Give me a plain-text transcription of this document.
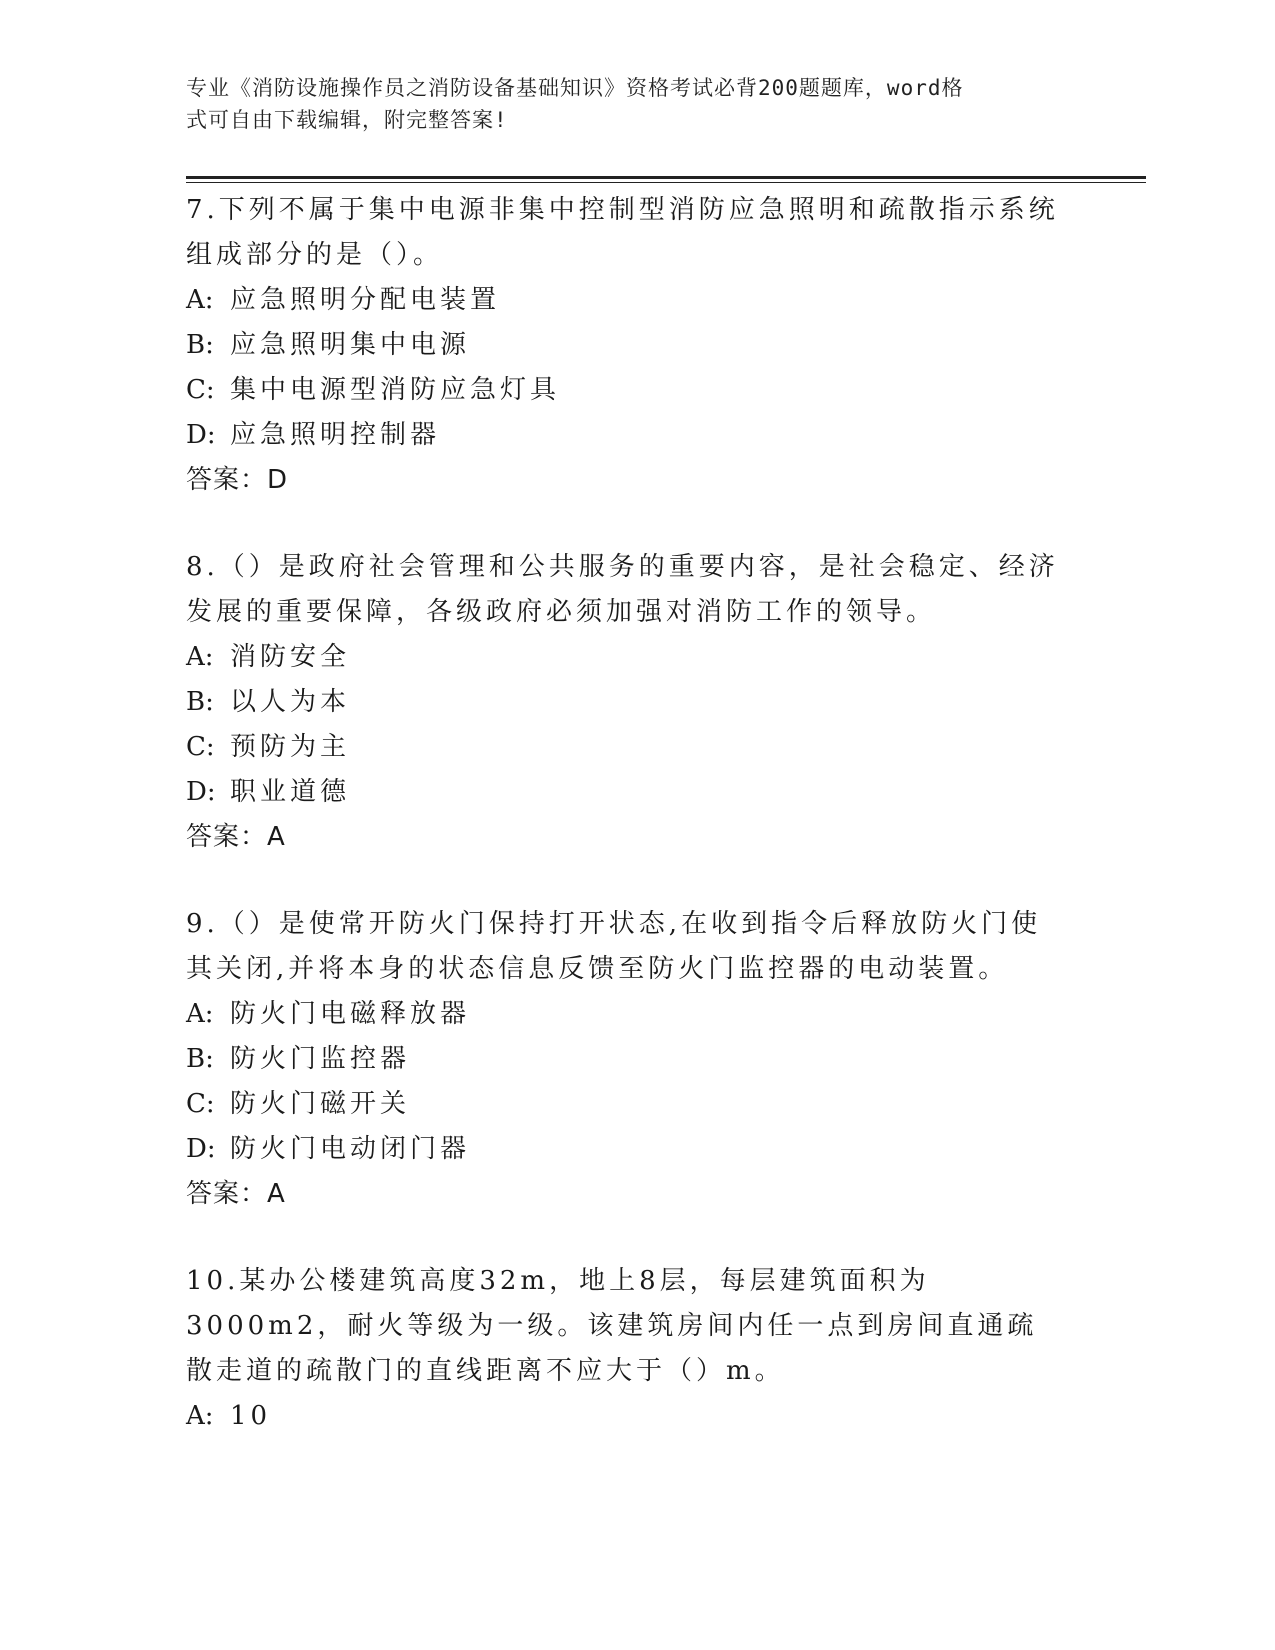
专业《消防设施操作员之消防设备基础知识》资格考试必背200题题库，word格
式可自由下载编辑，附完整答案!

7.下列不属于集中电源非集中控制型消防应急照明和疏散指示系统组成部分的是（）。

A: 应急照明分配电装置

B: 应急照明集中电源

C: 集中电源型消防应急灯具

D: 应急照明控制器

答案：D

8.（）是政府社会管理和公共服务的重要内容，是社会稳定、经济发展的重要保障，各级政府必须加强对消防工作的领导。

A: 消防安全

B: 以人为本

C: 预防为主

D: 职业道德

答案：A

9.（）是使常开防火门保持打开状态,在收到指令后释放防火门使其关闭,并将本身的状态信息反馈至防火门监控器的电动装置。

A: 防火门电磁释放器

B: 防火门监控器

C: 防火门磁开关

D: 防火门电动闭门器

答案：A

10.某办公楼建筑高度32m，地上8层，每层建筑面积为3000m2，耐火等级为一级。该建筑房间内任一点到房间直通疏散走道的疏散门的直线距离不应大于（）m。

A: 10
